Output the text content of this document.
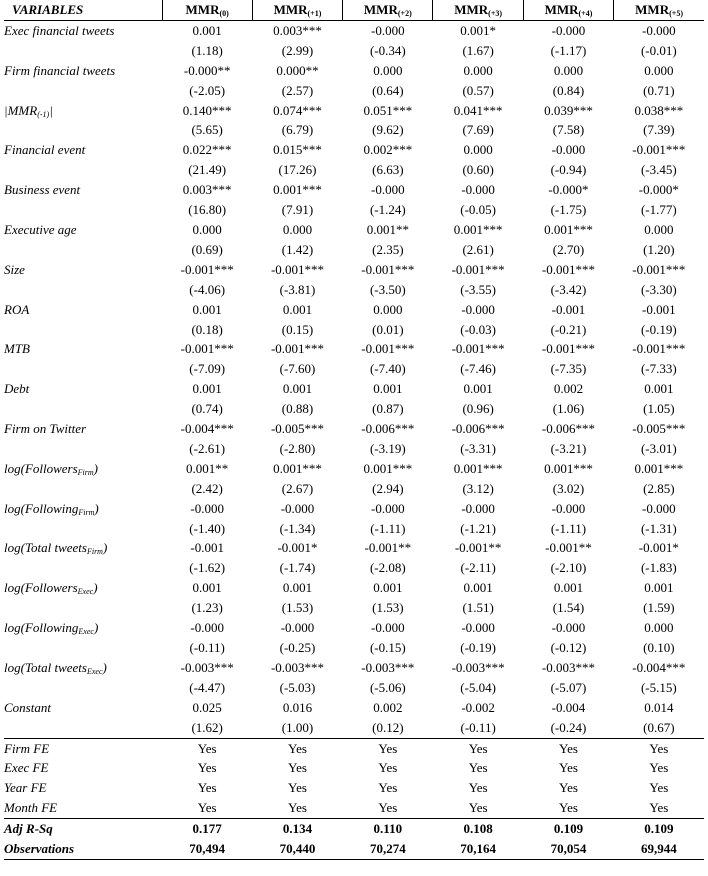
VARIABLES	$MMR_{(0)}$	$MMR_{(+1)}$	$MMR_{(+2)}$	$MMR_{(+3)}$	$MMR_{(+4)}$	$MMR_{(+5)}$
Exec financial tweets	0.001	0.003***	-0.000	0.001*	-0.000	-0.000
	(1.18)	(2.99)	(-0.34)	(1.67)	(-1.17)	(-0.01)
Firm financial tweets	-0.000**	0.000**	0.000	0.000	0.000	0.000
	(-2.05)	(2.57)	(0.64)	(0.57)	(0.84)	(0.71)
$|MMR_{(-1)}|$	0.140***	0.074***	0.051***	0.041***	0.039***	0.038***
	(5.65)	(6.79)	(9.62)	(7.69)	(7.58)	(7.39)
Financial event	0.022***	0.015***	0.002***	0.000	-0.000	-0.001***
	(21.49)	(17.26)	(6.63)	(0.60)	(-0.94)	(-3.45)
Business event	0.003***	0.001***	-0.000	-0.000	-0.000*	-0.000*
	(16.80)	(7.91)	(-1.24)	(-0.05)	(-1.75)	(-1.77)
Executive age	0.000	0.000	0.001**	0.001***	0.001***	0.000
	(0.69)	(1.42)	(2.35)	(2.61)	(2.70)	(1.20)
Size	-0.001***	-0.001***	-0.001***	-0.001***	-0.001***	-0.001***
	(-4.06)	(-3.81)	(-3.50)	(-3.55)	(-3.42)	(-3.30)
ROA	0.001	0.001	0.000	-0.000	-0.001	-0.001
	(0.18)	(0.15)	(0.01)	(-0.03)	(-0.21)	(-0.19)
MTB	-0.001***	-0.001***	-0.001***	-0.001***	-0.001***	-0.001***
	(-7.09)	(-7.60)	(-7.40)	(-7.46)	(-7.35)	(-7.33)
Debt	0.001	0.001	0.001	0.001	0.002	0.001
	(0.74)	(0.88)	(0.87)	(0.96)	(1.06)	(1.05)
Firm on Twitter	-0.004***	-0.005***	-0.006***	-0.006***	-0.006***	-0.005***
	(-2.61)	(-2.80)	(-3.19)	(-3.31)	(-3.21)	(-3.01)
log(Followers$_{Firm}$)	0.001**	0.001***	0.001***	0.001***	0.001***	0.001***
	(2.42)	(2.67)	(2.94)	(3.12)	(3.02)	(2.85)
log(Following$_{Firm}$)	-0.000	-0.000	-0.000	-0.000	-0.000	-0.000
	(-1.40)	(-1.34)	(-1.11)	(-1.21)	(-1.11)	(-1.31)
log(Total tweets$_{Firm}$)	-0.001	-0.001*	-0.001**	-0.001**	-0.001**	-0.001*
	(-1.62)	(-1.74)	(-2.08)	(-2.11)	(-2.10)	(-1.83)
log(Followers$_{Exec}$)	0.001	0.001	0.001	0.001	0.001	0.001
	(1.23)	(1.53)	(1.53)	(1.51)	(1.54)	(1.59)
log(Following$_{Exec}$)	-0.000	-0.000	-0.000	-0.000	-0.000	0.000
	(-0.11)	(-0.25)	(-0.15)	(-0.19)	(-0.12)	(0.10)
log(Total tweets$_{Exec}$)	-0.003***	-0.003***	-0.003***	-0.003***	-0.003***	-0.004***
	(-4.47)	(-5.03)	(-5.06)	(-5.04)	(-5.07)	(-5.15)
Constant	0.025	0.016	0.002	-0.002	-0.004	0.014
	(1.62)	(1.00)	(0.12)	(-0.11)	(-0.24)	(0.67)
Firm FE	Yes	Yes	Yes	Yes	Yes	Yes
Exec FE	Yes	Yes	Yes	Yes	Yes	Yes
Year FE	Yes	Yes	Yes	Yes	Yes	Yes
Month FE	Yes	Yes	Yes	Yes	Yes	Yes
Adj R-Sq	0.177	0.134	0.110	0.108	0.109	0.109
Observations	70,494	70,440	70,274	70,164	70,054	69,944
